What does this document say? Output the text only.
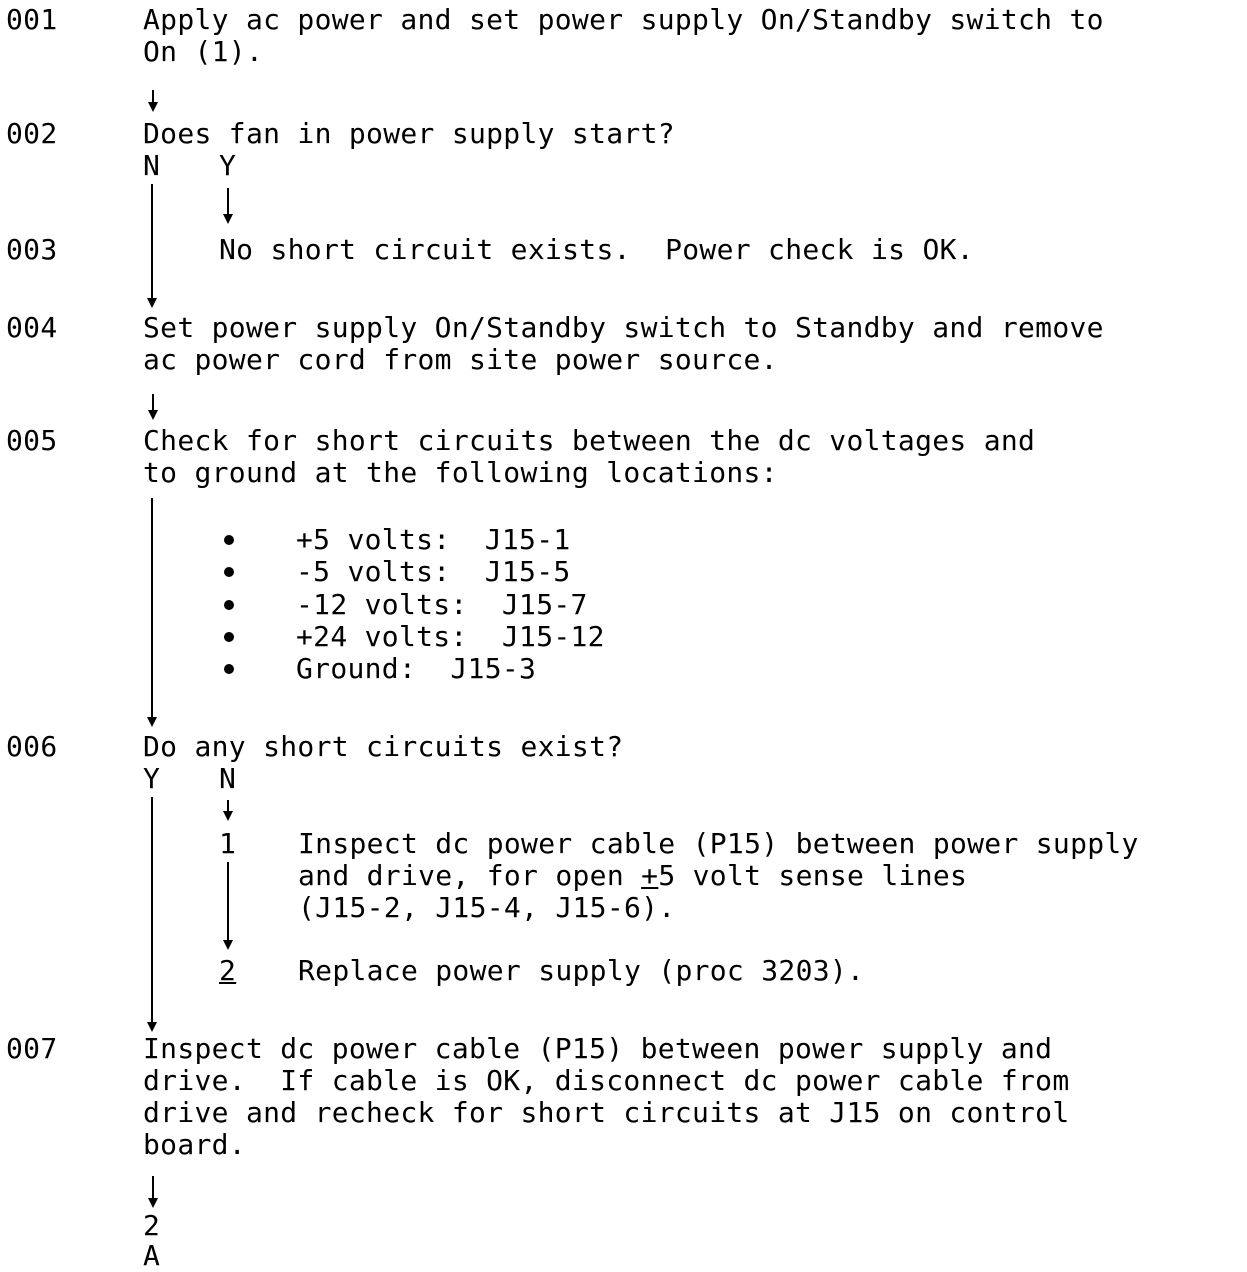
001	Apply ac power and set power supply On/Standby switch to
On (1).
002	Does fan in power supply start?
N Y
003	No short circuit exists.  Power check is OK.
004	Set power supply On/Standby switch to Standby and remove
ac power cord from site power source.
005	Check for short circuits between the dc voltages and
to ground at the following locations:
+5 volts:  J15-1
-5 volts:  J15-5
-12 volts:  J15-7
+24 volts:  J15-12
Ground:  J15-3
006	Do any short circuits exist?
Y N
1 Inspect dc power cable (P15) between power supply
and drive, for open +5 volt sense lines
(J15-2, J15-4, J15-6).
2 Replace power supply (proc 3203).
007	Inspect dc power cable (P15) between power supply and
drive.  If cable is OK, disconnect dc power cable from
drive and recheck for short circuits at J15 on control
board.
2
A
